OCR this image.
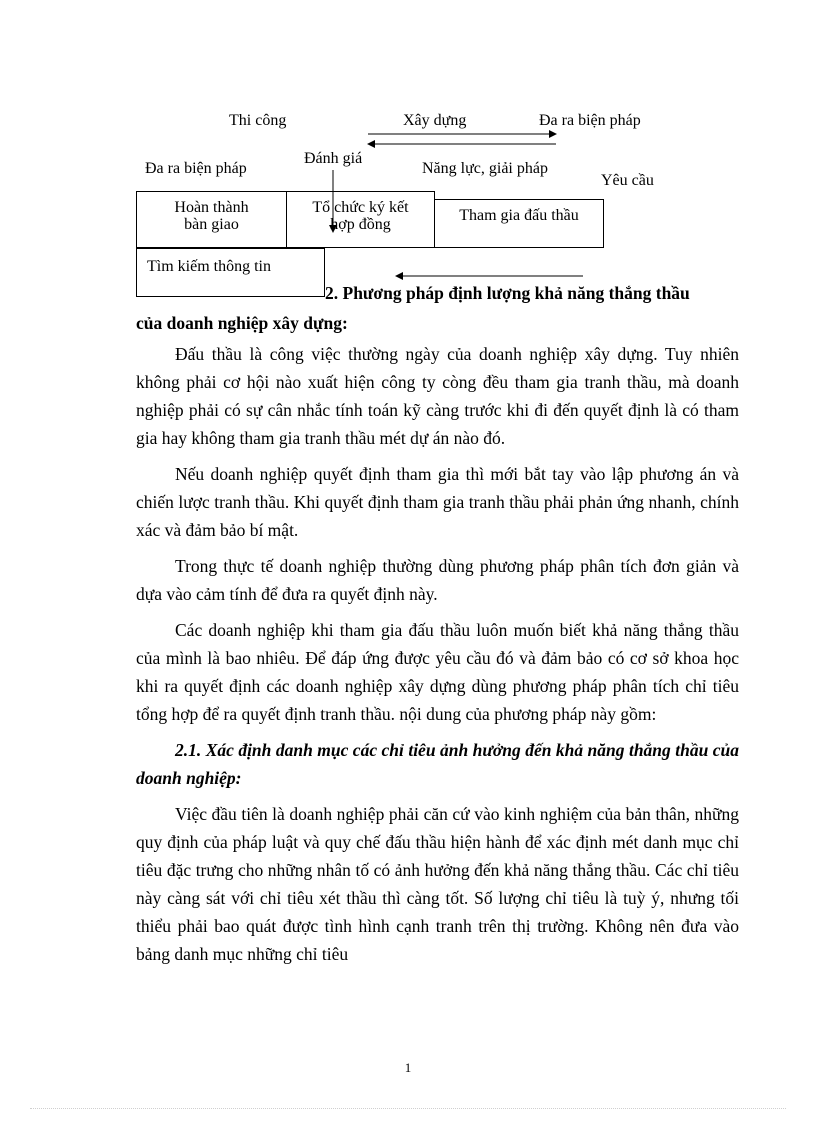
Thi công	Xây dựng	Đa ra biện pháp
Đánh giá
Đa ra biện pháp	Năng lực, giải pháp
Yêu cầu
Hoàn thành
bàn giao
Tổ chức ký kết
hợp đồng
Tham gia đấu thầu
Tìm kiếm thông tin
2. Phương pháp định lượng khả năng thắng thầu
của doanh nghiệp xây dựng:

Đấu thầu là công việc thường ngày của doanh nghiệp xây dựng. Tuy nhiên không phải cơ hội nào xuất hiện công ty còng đều tham gia tranh thầu, mà doanh nghiệp phải có sự cân nhắc tính toán kỹ càng trước khi đi đến quyết định là có tham gia hay không tham gia tranh thầu mét dự án nào đó.

Nếu doanh nghiệp quyết định tham gia thì mới bắt tay vào lập phương án và chiến lược tranh thầu. Khi quyết định tham gia tranh thầu phải phản ứng nhanh, chính xác và đảm bảo bí mật.

Trong thực tế doanh nghiệp thường dùng phương pháp phân tích đơn giản và dựa vào cảm tính để đưa ra quyết định này.

Các doanh nghiệp khi tham gia đấu thầu luôn muốn biết khả năng thắng thầu của mình là bao nhiêu. Để đáp ứng được yêu cầu đó và đảm bảo có cơ sở khoa học khi ra quyết định các doanh nghiệp xây dựng dùng phương pháp phân tích chỉ tiêu tổng hợp để ra quyết định tranh thầu. nội dung của phương pháp này gồm:

2.1. Xác định danh mục các chỉ tiêu ảnh hưởng đến khả năng thắng thầu của doanh nghiệp:

Việc đầu tiên là doanh nghiệp phải căn cứ vào kinh nghiệm của bản thân, những quy định của pháp luật và quy chế đấu thầu hiện hành để xác định mét danh mục chỉ tiêu đặc trưng cho những nhân tố có ảnh hưởng đến khả năng thắng thầu. Các chỉ tiêu này càng sát với chỉ tiêu xét thầu thì càng tốt. Số lượng chỉ tiêu là tuỳ ý, nhưng tối thiểu phải bao quát được tình hình cạnh tranh trên thị trường. Không nên đưa vào bảng danh mục những chỉ tiêu

1
